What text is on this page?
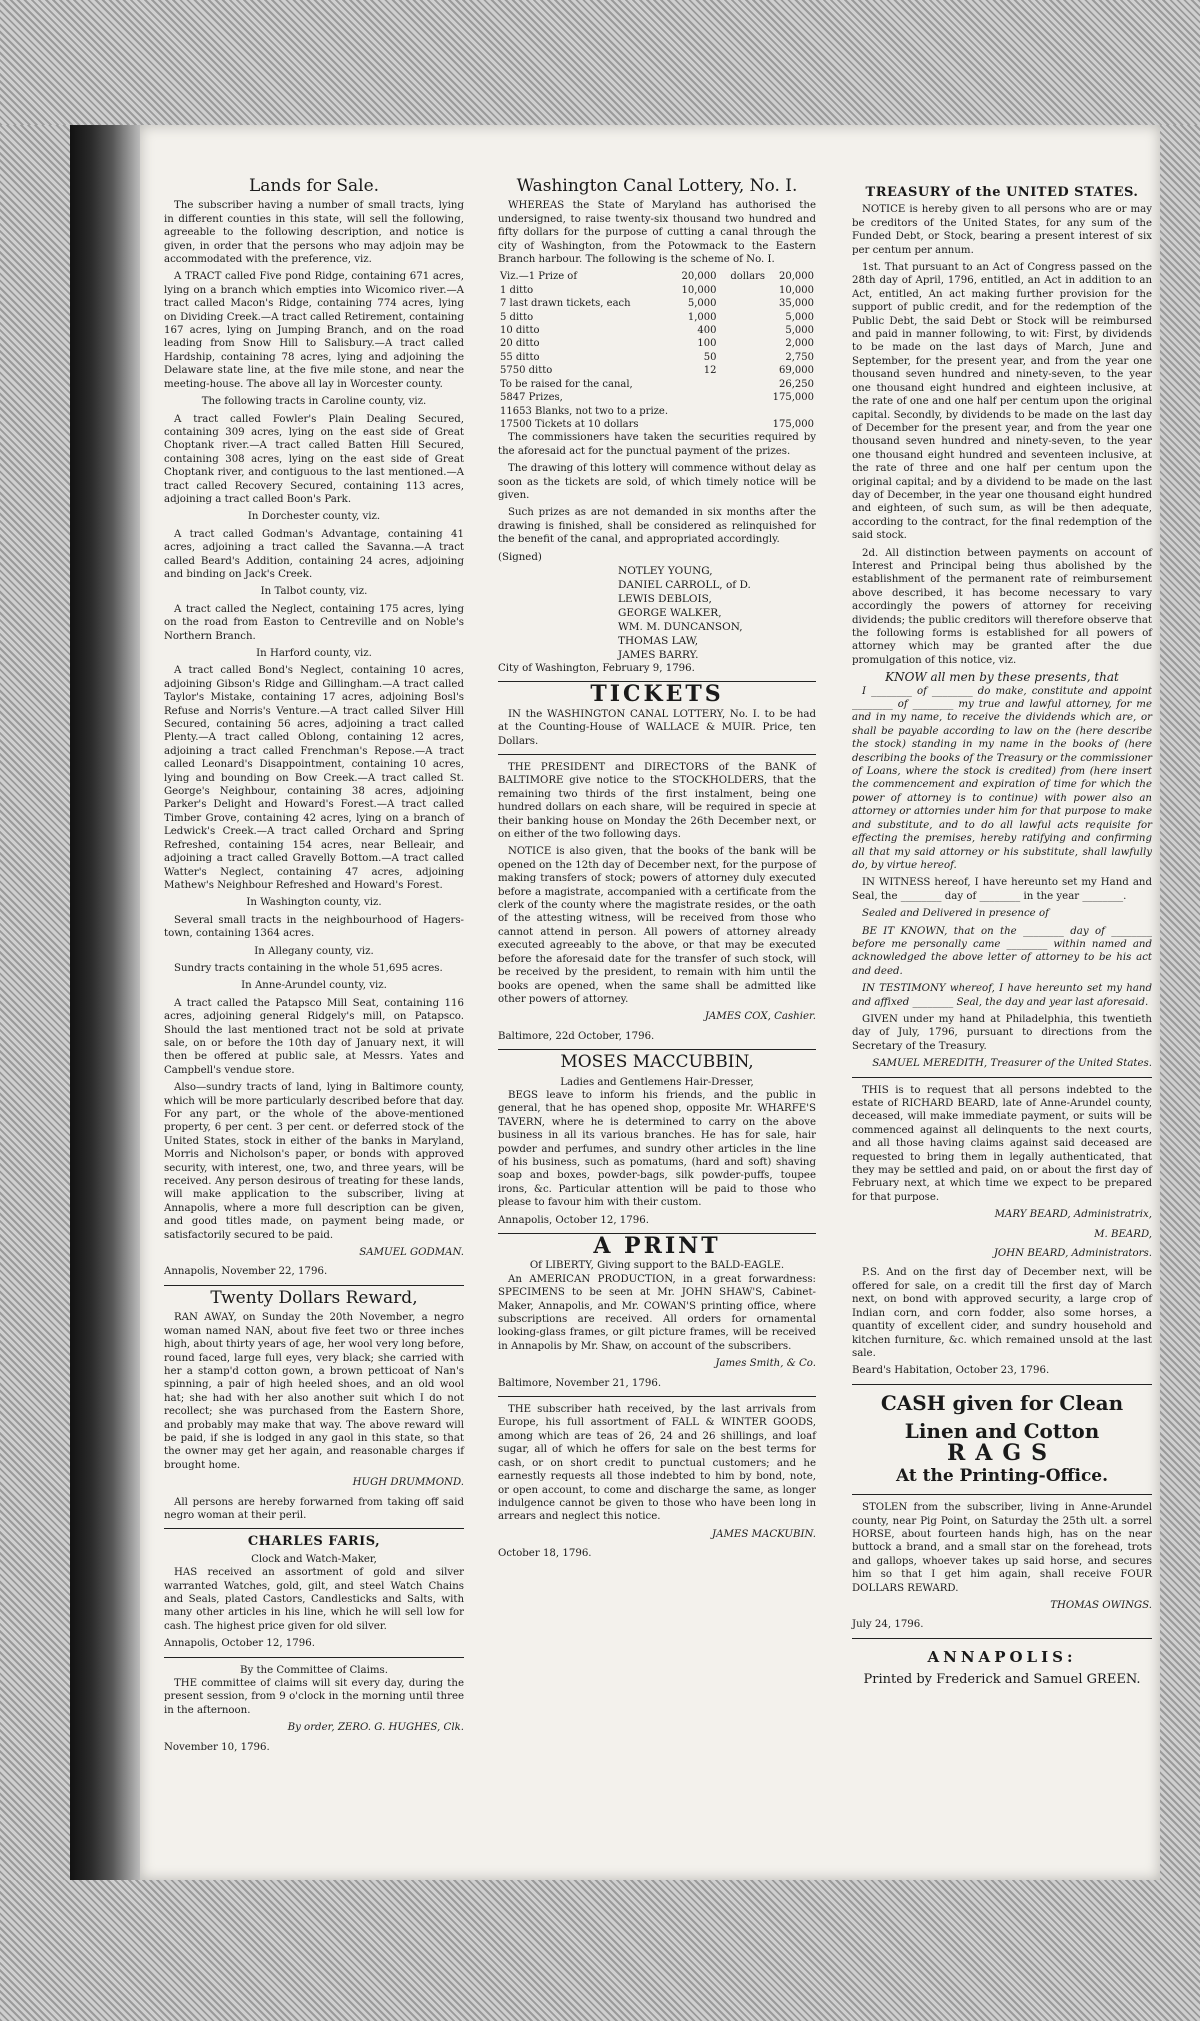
Lands for Sale.

The subscriber having a number of small tracts, lying in different counties in this state, will sell the following, agreeable to the following description, and notice is given, in order that the persons who may adjoin may be accommodated with the preference, viz.

A TRACT called Five pond Ridge, containing 671 acres, lying on a branch which empties into Wicomico river.—A tract called Macon's Ridge, containing 774 acres, lying on Dividing Creek.—A tract called Retirement, containing 167 acres, lying on Jumping Branch, and on the road leading from Snow Hill to Salisbury.—A tract called Hardship, containing 78 acres, lying and adjoining the Delaware state line, at the five mile stone, and near the meeting-house. The above all lay in Worcester county.

The following tracts in Caroline county, viz.

A tract called Fowler's Plain Dealing Secured, containing 309 acres, lying on the east side of Great Choptank river.—A tract called Batten Hill Secured, containing 308 acres, lying on the east side of Great Choptank river, and contiguous to the last mentioned.—A tract called Recovery Secured, containing 113 acres, adjoining a tract called Boon's Park.

In Dorchester county, viz.

A tract called Godman's Advantage, containing 41 acres, adjoining a tract called the Savanna.—A tract called Beard's Addition, containing 24 acres, adjoining and binding on Jack's Creek.

In Talbot county, viz.

A tract called the Neglect, containing 175 acres, lying on the road from Easton to Centreville and on Noble's Northern Branch.

In Harford county, viz.

A tract called Bond's Neglect, containing 10 acres, adjoining Gibson's Ridge and Gillingham.—A tract called Taylor's Mistake, containing 17 acres, adjoining Bosl's Refuse and Norris's Venture.—A tract called Silver Hill Secured, containing 56 acres, adjoining a tract called Plenty.—A tract called Oblong, containing 12 acres, adjoining a tract called Frenchman's Repose.—A tract called Leonard's Disappointment, containing 10 acres, lying and bounding on Bow Creek.—A tract called St. George's Neighbour, containing 38 acres, adjoining Parker's Delight and Howard's Forest.—A tract called Timber Grove, containing 42 acres, lying on a branch of Ledwick's Creek.—A tract called Orchard and Spring Refreshed, containing 154 acres, near Belleair, and adjoining a tract called Gravelly Bottom.—A tract called Watter's Neglect, containing 47 acres, adjoining Mathew's Neighbour Refreshed and Howard's Forest.

In Washington county, viz.

Several small tracts in the neighbourhood of Hagers-town, containing 1364 acres.

In Allegany county, viz.

Sundry tracts containing in the whole 51,695 acres.

In Anne-Arundel county, viz.

A tract called the Patapsco Mill Seat, containing 116 acres, adjoining general Ridgely's mill, on Patapsco. Should the last mentioned tract not be sold at private sale, on or before the 10th day of January next, it will then be offered at public sale, at Messrs. Yates and Campbell's vendue store.

Also—sundry tracts of land, lying in Baltimore county, which will be more particularly described before that day. For any part, or the whole of the above-mentioned property, 6 per cent. 3 per cent. or deferred stock of the United States, stock in either of the banks in Maryland, Morris and Nicholson's paper, or bonds with approved security, with interest, one, two, and three years, will be received. Any person desirous of treating for these lands, will make application to the subscriber, living at Annapolis, where a more full description can be given, and good titles made, on payment being made, or satisfactorily secured to be paid.

SAMUEL GODMAN.
Annapolis, November 22, 1796.
Twenty Dollars Reward,

RAN AWAY, on Sunday the 20th November, a negro woman named NAN, about five feet two or three inches high, about thirty years of age, her wool very long before, round faced, large full eyes, very black; she carried with her a stamp'd cotton gown, a brown petticoat of Nan's spinning, a pair of high heeled shoes, and an old wool hat; she had with her also another suit which I do not recollect; she was purchased from the Eastern Shore, and probably may make that way. The above reward will be paid, if she is lodged in any gaol in this state, so that the owner may get her again, and reasonable charges if brought home.

HUGH DRUMMOND.

All persons are hereby forwarned from taking off said negro woman at their peril.

CHARLES FARIS,
Clock and Watch-Maker,

HAS received an assortment of gold and silver warranted Watches, gold, gilt, and steel Watch Chains and Seals, plated Castors, Candlesticks and Salts, with many other articles in his line, which he will sell low for cash. The highest price given for old silver.

Annapolis, October 12, 1796.
By the Committee of Claims.

THE committee of claims will sit every day, during the present session, from 9 o'clock in the morning until three in the afternoon.

By order, ZERO. G. HUGHES, Clk.
November 10, 1796.
Washington Canal Lottery, No. I.

WHEREAS the State of Maryland has authorised the undersigned, to raise twenty-six thousand two hundred and fifty dollars for the purpose of cutting a canal through the city of Washington, from the Potowmack to the Eastern Branch harbour. The following is the scheme of No. I.

Viz.—1 Prize of	20,000	dollars	20,000
1 ditto	10,000		10,000
7 last drawn tickets, each	5,000		35,000
5 ditto	1,000		5,000
10 ditto	400		5,000
20 ditto	100		2,000
55 ditto	50		2,750
5750 ditto	12		69,000
To be raised for the canal,			26,250
5847 Prizes,	175,000
11653 Blanks, not two to a prize.	
17500 Tickets at 10 dollars	175,000

The commissioners have taken the securities required by the aforesaid act for the punctual payment of the prizes.

The drawing of this lottery will commence without delay as soon as the tickets are sold, of which timely notice will be given.

Such prizes as are not demanded in six months after the drawing is finished, shall be considered as relinquished for the benefit of the canal, and appropriated accordingly.

(Signed)
NOTLEY YOUNG,
DANIEL CARROLL, of D.
LEWIS DEBLOIS,
GEORGE WALKER,
WM. M. DUNCANSON,
THOMAS LAW,
JAMES BARRY.
City of Washington, February 9, 1796.
TICKETS

IN the WASHINGTON CANAL LOTTERY, No. I. to be had at the Counting-House of WALLACE & MUIR. Price, ten Dollars.

THE PRESIDENT and DIRECTORS of the BANK of BALTIMORE give notice to the STOCKHOLDERS, that the remaining two thirds of the first instalment, being one hundred dollars on each share, will be required in specie at their banking house on Monday the 26th December next, or on either of the two following days.

NOTICE is also given, that the books of the bank will be opened on the 12th day of December next, for the purpose of making transfers of stock; powers of attorney duly executed before a magistrate, accompanied with a certificate from the clerk of the county where the magistrate resides, or the oath of the attesting witness, will be received from those who cannot attend in person. All powers of attorney already executed agreeably to the above, or that may be executed before the aforesaid date for the transfer of such stock, will be received by the president, to remain with him until the books are opened, when the same shall be admitted like other powers of attorney.

JAMES COX, Cashier.
Baltimore, 22d October, 1796.
MOSES MACCUBBIN,
Ladies and Gentlemens Hair-Dresser,

BEGS leave to inform his friends, and the public in general, that he has opened shop, opposite Mr. WHARFE'S TAVERN, where he is determined to carry on the above business in all its various branches. He has for sale, hair powder and perfumes, and sundry other articles in the line of his business, such as pomatums, (hard and soft) shaving soap and boxes, powder-bags, silk powder-puffs, toupee irons, &c. Particular attention will be paid to those who please to favour him with their custom.

Annapolis, October 12, 1796.
A PRINT
Of LIBERTY, Giving support to the BALD-EAGLE.

An AMERICAN PRODUCTION, in a great forwardness: SPECIMENS to be seen at Mr. JOHN SHAW'S, Cabinet-Maker, Annapolis, and Mr. COWAN'S printing office, where subscriptions are received. All orders for ornamental looking-glass frames, or gilt picture frames, will be received in Annapolis by Mr. Shaw, on account of the subscribers.

James Smith, & Co.
Baltimore, November 21, 1796.

THE subscriber hath received, by the last arrivals from Europe, his full assortment of FALL & WINTER GOODS, among which are teas of 26, 24 and 26 shillings, and loaf sugar, all of which he offers for sale on the best terms for cash, or on short credit to punctual customers; and he earnestly requests all those indebted to him by bond, note, or open account, to come and discharge the same, as longer indulgence cannot be given to those who have been long in arrears and neglect this notice.

JAMES MACKUBIN.
October 18, 1796.
TREASURY of the UNITED STATES.

NOTICE is hereby given to all persons who are or may be creditors of the United States, for any sum of the Funded Debt, or Stock, bearing a present interest of six per centum per annum.

1st. That pursuant to an Act of Congress passed on the 28th day of April, 1796, entitled, an Act in addition to an Act, entitled, An act making further provision for the support of public credit, and for the redemption of the Public Debt, the said Debt or Stock will be reimbursed and paid in manner following, to wit: First, by dividends to be made on the last days of March, June and September, for the present year, and from the year one thousand seven hundred and ninety-seven, to the year one thousand eight hundred and eighteen inclusive, at the rate of one and one half per centum upon the original capital. Secondly, by dividends to be made on the last day of December for the present year, and from the year one thousand seven hundred and ninety-seven, to the year one thousand eight hundred and seventeen inclusive, at the rate of three and one half per centum upon the original capital; and by a dividend to be made on the last day of December, in the year one thousand eight hundred and eighteen, of such sum, as will be then adequate, according to the contract, for the final redemption of the said stock.

2d. All distinction between payments on account of Interest and Principal being thus abolished by the establishment of the permanent rate of reimbursement above described, it has become necessary to vary accordingly the powers of attorney for receiving dividends; the public creditors will therefore observe that the following forms is established for all powers of attorney which may be granted after the due promulgation of this notice, viz.

KNOW all men by these presents, that

I ________ of ________ do make, constitute and appoint ________ of ________ my true and lawful attorney, for me and in my name, to receive the dividends which are, or shall be payable according to law on the (here describe the stock) standing in my name in the books of (here describing the books of the Treasury or the commissioner of Loans, where the stock is credited) from (here insert the commencement and expiration of time for which the power of attorney is to continue) with power also an attorney or attornies under him for that purpose to make and substitute, and to do all lawful acts requisite for effecting the premises, hereby ratifying and confirming all that my said attorney or his substitute, shall lawfully do, by virtue hereof.

IN WITNESS hereof, I have hereunto set my Hand and Seal, the ________ day of ________ in the year ________.

Sealed and Delivered in presence of

BE IT KNOWN, that on the ________ day of ________ before me personally came ________ within named and acknowledged the above letter of attorney to be his act and deed.

IN TESTIMONY whereof, I have hereunto set my hand and affixed ________ Seal, the day and year last aforesaid.

GIVEN under my hand at Philadelphia, this twentieth day of July, 1796, pursuant to directions from the Secretary of the Treasury.

SAMUEL MEREDITH, Treasurer of the United States.

THIS is to request that all persons indebted to the estate of RICHARD BEARD, late of Anne-Arundel county, deceased, will make immediate payment, or suits will be commenced against all delinquents to the next courts, and all those having claims against said deceased are requested to bring them in legally authenticated, that they may be settled and paid, on or about the first day of February next, at which time we expect to be prepared for that purpose.

MARY BEARD, Administratrix,
M. BEARD,
JOHN BEARD, Administrators.

P.S. And on the first day of December next, will be offered for sale, on a credit till the first day of March next, on bond with approved security, a large crop of Indian corn, and corn fodder, also some horses, a quantity of excellent cider, and sundry household and kitchen furniture, &c. which remained unsold at the last sale.

Beard's Habitation, October 23, 1796.
CASH given for Clean
Linen and Cotton
RAGS
At the Printing-Office.

STOLEN from the subscriber, living in Anne-Arundel county, near Pig Point, on Saturday the 25th ult. a sorrel HORSE, about fourteen hands high, has on the near buttock a brand, and a small star on the forehead, trots and gallops, whoever takes up said horse, and secures him so that I get him again, shall receive FOUR DOLLARS REWARD.

THOMAS OWINGS.
July 24, 1796.
ANNAPOLIS:
Printed by Frederick and Samuel GREEN.
